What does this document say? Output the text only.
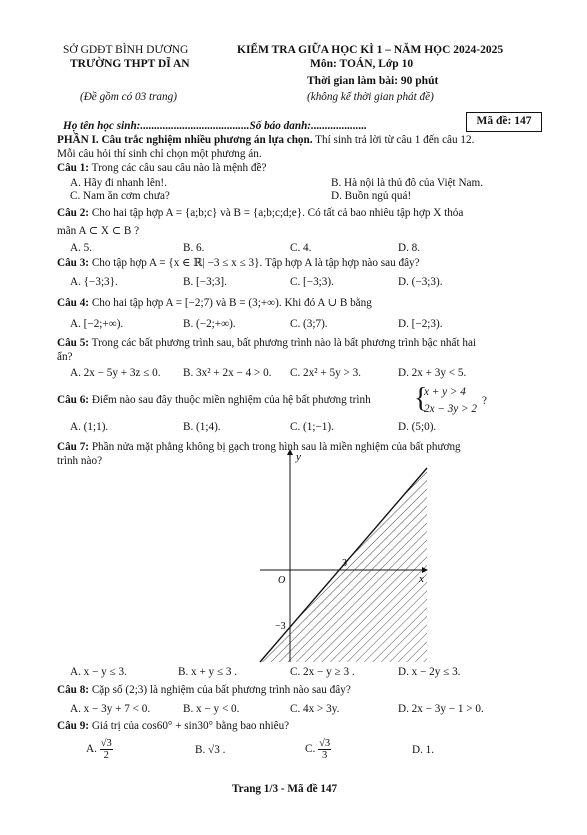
SỞ GDĐT BÌNH DƯƠNG
TRƯỜNG THPT DĨ AN
(Đề gồm có 03 trang)
KIỂM TRA GIỮA HỌC KÌ 1 – NĂM HỌC 2024-2025
Môn: TOÁN, Lớp 10
Thời gian làm bài: 90 phút
(không kể thời gian phát đề)
Họ tên học sinh:.......................................Số báo danh:....................	Mã đề: 147
PHẦN I. Câu trắc nghiệm nhiều phương án lựa chọn. Thí sinh trả lời từ câu 1 đến câu 12.
Mỗi câu hỏi thí sinh chỉ chọn một phương án.
Câu 1: Trong các câu sau câu nào là mệnh đề?
A. Hãy đi nhanh lên!.	B. Hà nội là thủ đô của Việt Nam.
C. Nam ăn cơm chưa?	D. Buồn ngủ quá!
Câu 2: Cho hai tập hợp A = {a;b;c} và B = {a;b;c;d;e}. Có tất cả bao nhiêu tập hợp X thỏa
mãn A ⊂ X ⊂ B ?
A. 5.	B. 6.	C. 4.	D. 8.
Câu 3: Cho tập hợp A = {x ∈ ℝ| −3 ≤ x ≤ 3}. Tập hợp A là tập hợp nào sau đây?
A. {−3;3}.	B. [−3;3].	C. [−3;3).	D. (−3;3).
Câu 4: Cho hai tập hợp A = [−2;7) và B = (3;+∞). Khi đó A ∪ B bằng
A. [−2;+∞).	B. (−2;+∞).	C. (3;7).	D. [−2;3).
Câu 5: Trong các bất phương trình sau, bất phương trình nào là bất phương trình bậc nhất hai
ẩn?
A. 2x − 5y + 3z ≤ 0. B. 3x² + 2x − 4 > 0. C. 2x² + 5y > 3.	D. 2x + 3y < 5.
Câu 6: Điểm nào sau đây thuộc miền nghiệm của hệ bất phương trình {
x + y > 4
2x − 3y > 2
?
A. (1;1).	B. (1;4).	C. (1;−1).	D. (5;0).
Câu 7: Phần nửa mặt phẳng không bị gạch trong hình sau là miền nghiệm của bất phương
trình nào?	y
x
O
3
−3
A. x − y ≤ 3.	B. x + y ≤ 3 .	C. 2x − y ≥ 3 .	D. x − 2y ≤ 3.
Câu 8: Cặp số (2;3) là nghiệm của bất phương trình nào sau đây?
A. x − 3y + 7 < 0.	B. x − y < 0.	C. 4x > 3y.	D. 2x − 3y − 1 > 0.
Câu 9: Giá trị của cos60° + sin30° bằng bao nhiêu?
A. $\frac{√3}{2}$	B. √3 .	C. $\frac{√3}{3}$	D. 1.
Trang 1/3 - Mã đề 147
